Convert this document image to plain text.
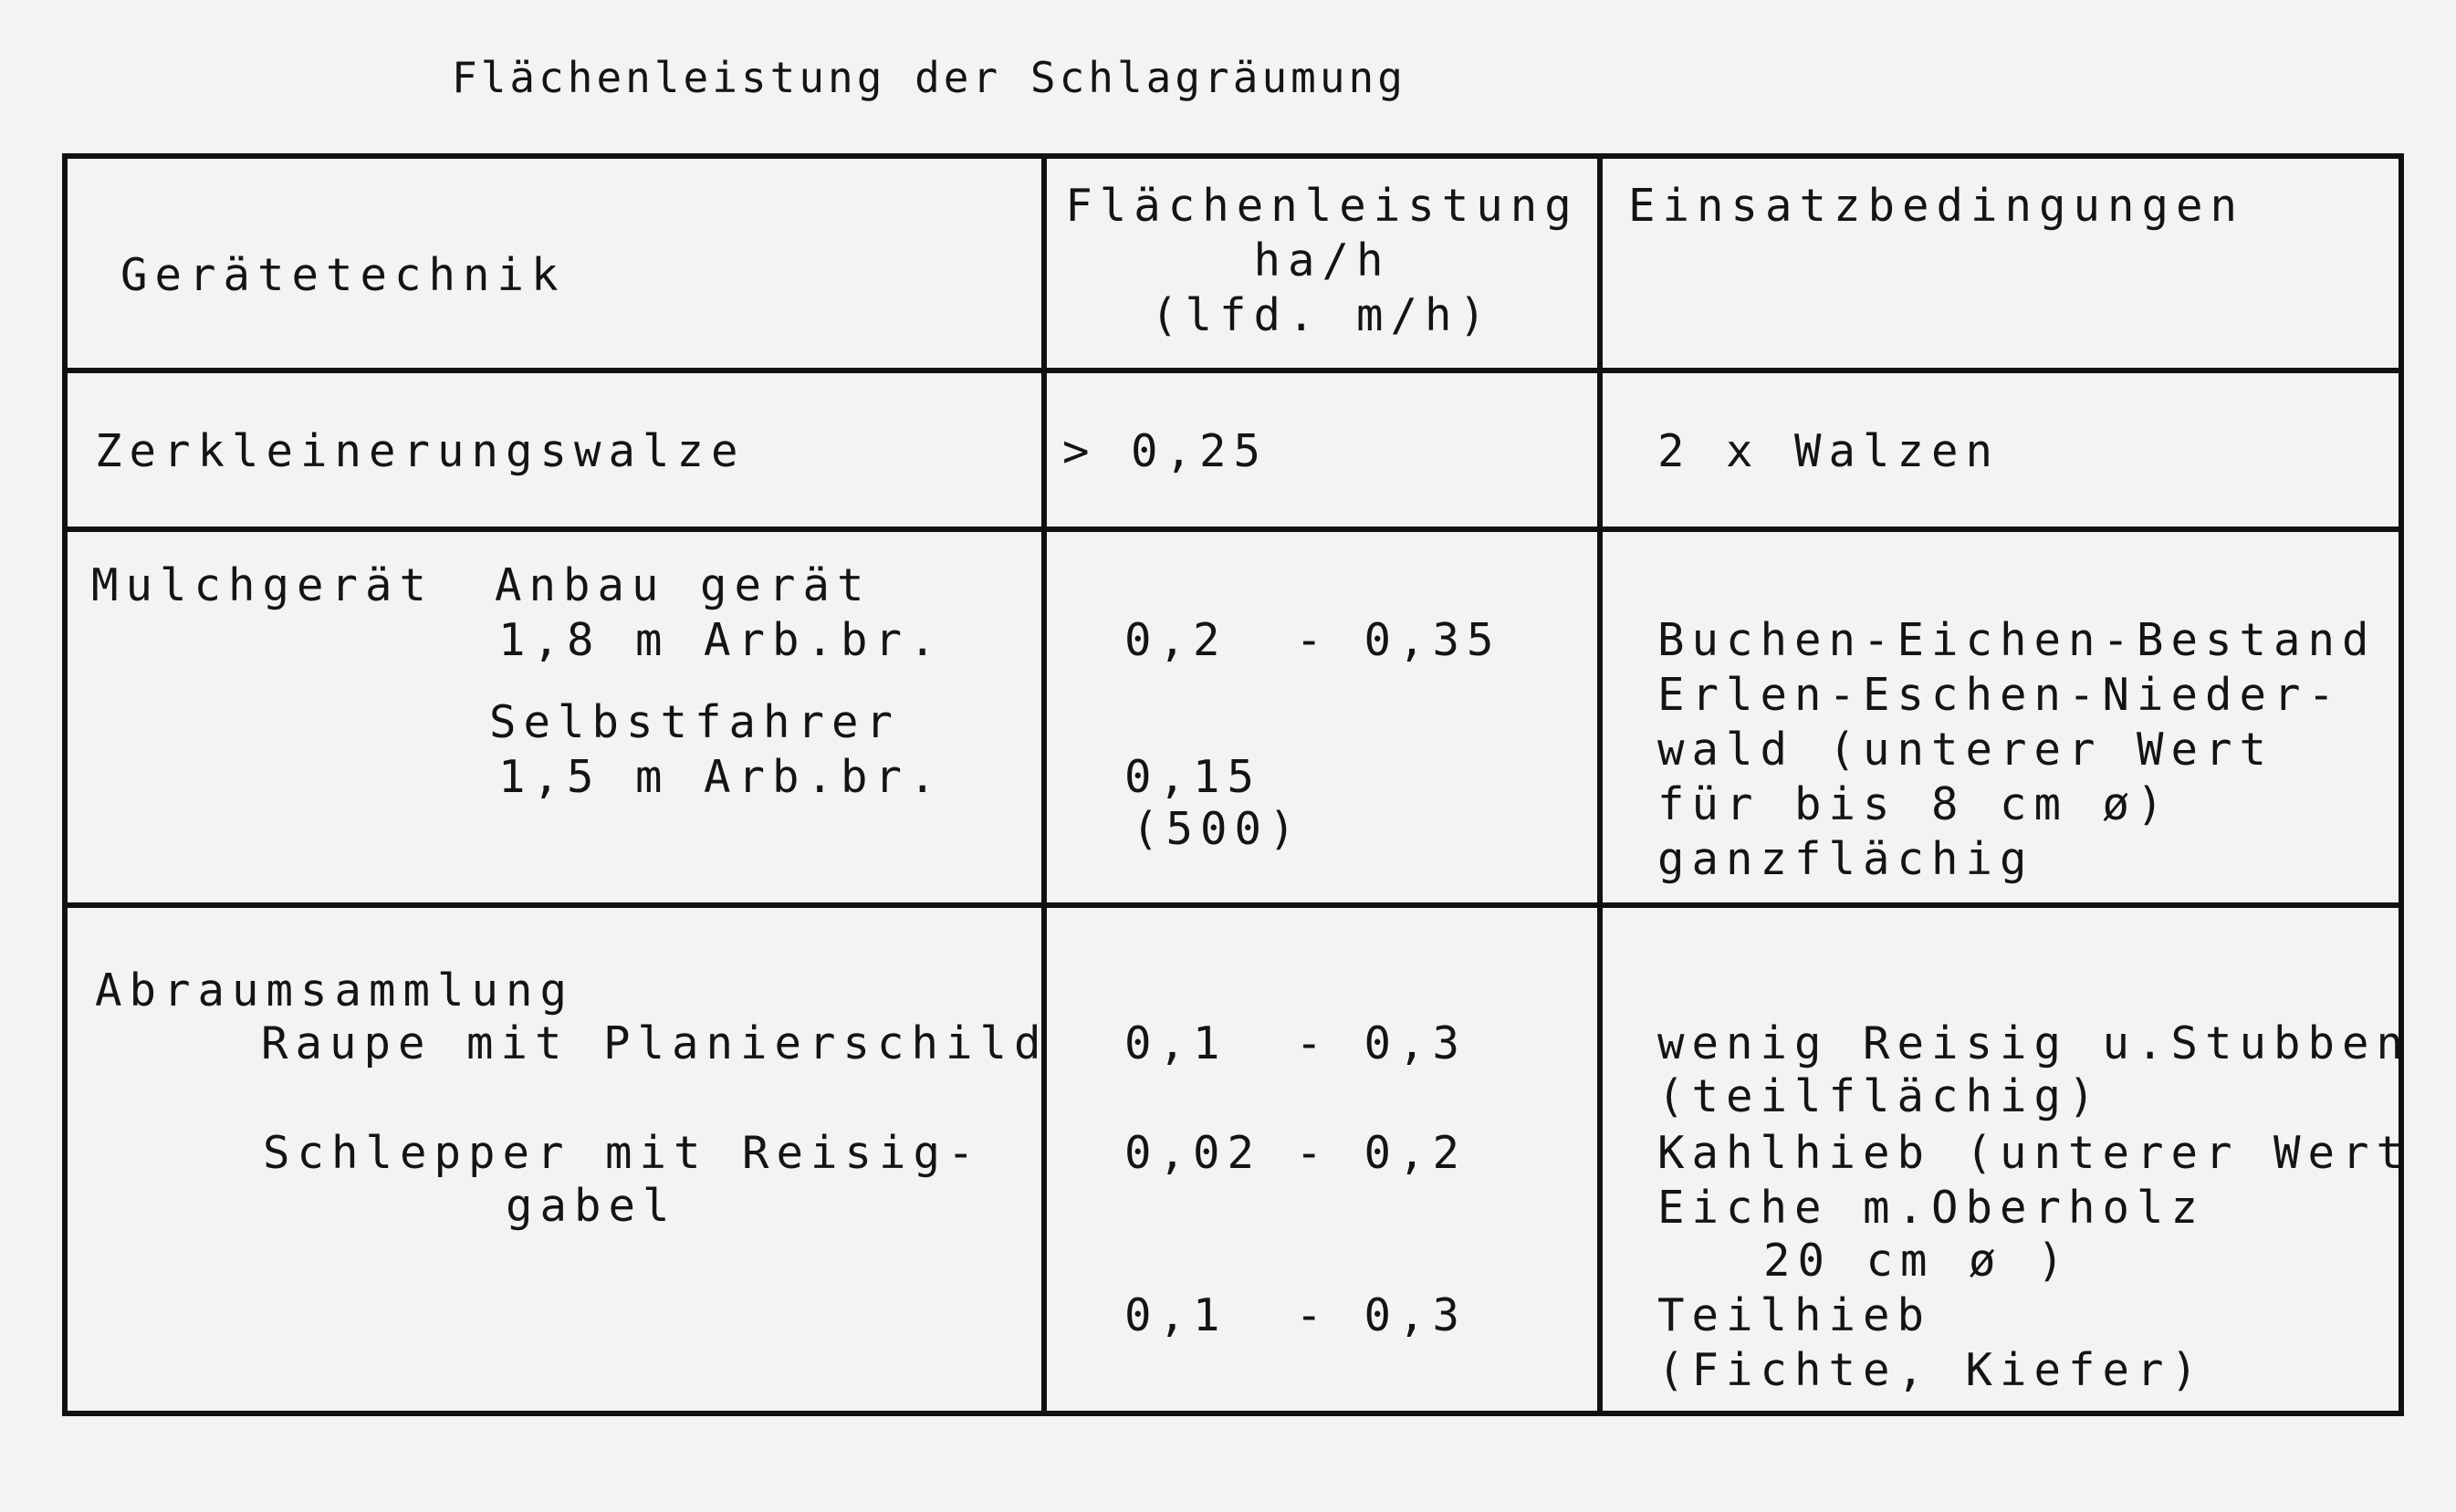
Flächenleistung der Schlagräumung
Gerätetechnik
Flächenleistung
ha/h
(lfd. m/h)
Einsatzbedingungen
Zerkleinerungswalze	> 0,25	2 x Walzen
Mulchgerät Anbau gerät
1,8 m Arb.br.
Selbstfahrer
1,5 m Arb.br.
0,2  - 0,35
0,15
(500)
Buchen-Eichen-Bestand
Erlen-Eschen-Nieder-
wald (unterer Wert
für bis 8 cm ø)
ganzflächig
Abraumsammlung
Raupe mit Planierschild
Schlepper mit Reisig-
gabel
0,1  - 0,3
0,02 - 0,2
0,1  - 0,3
wenig Reisig u.Stubben
(teilflächig)
Kahlhieb (unterer Wert
Eiche m.Oberholz
20 cm ø )
Teilhieb
(Fichte, Kiefer)
